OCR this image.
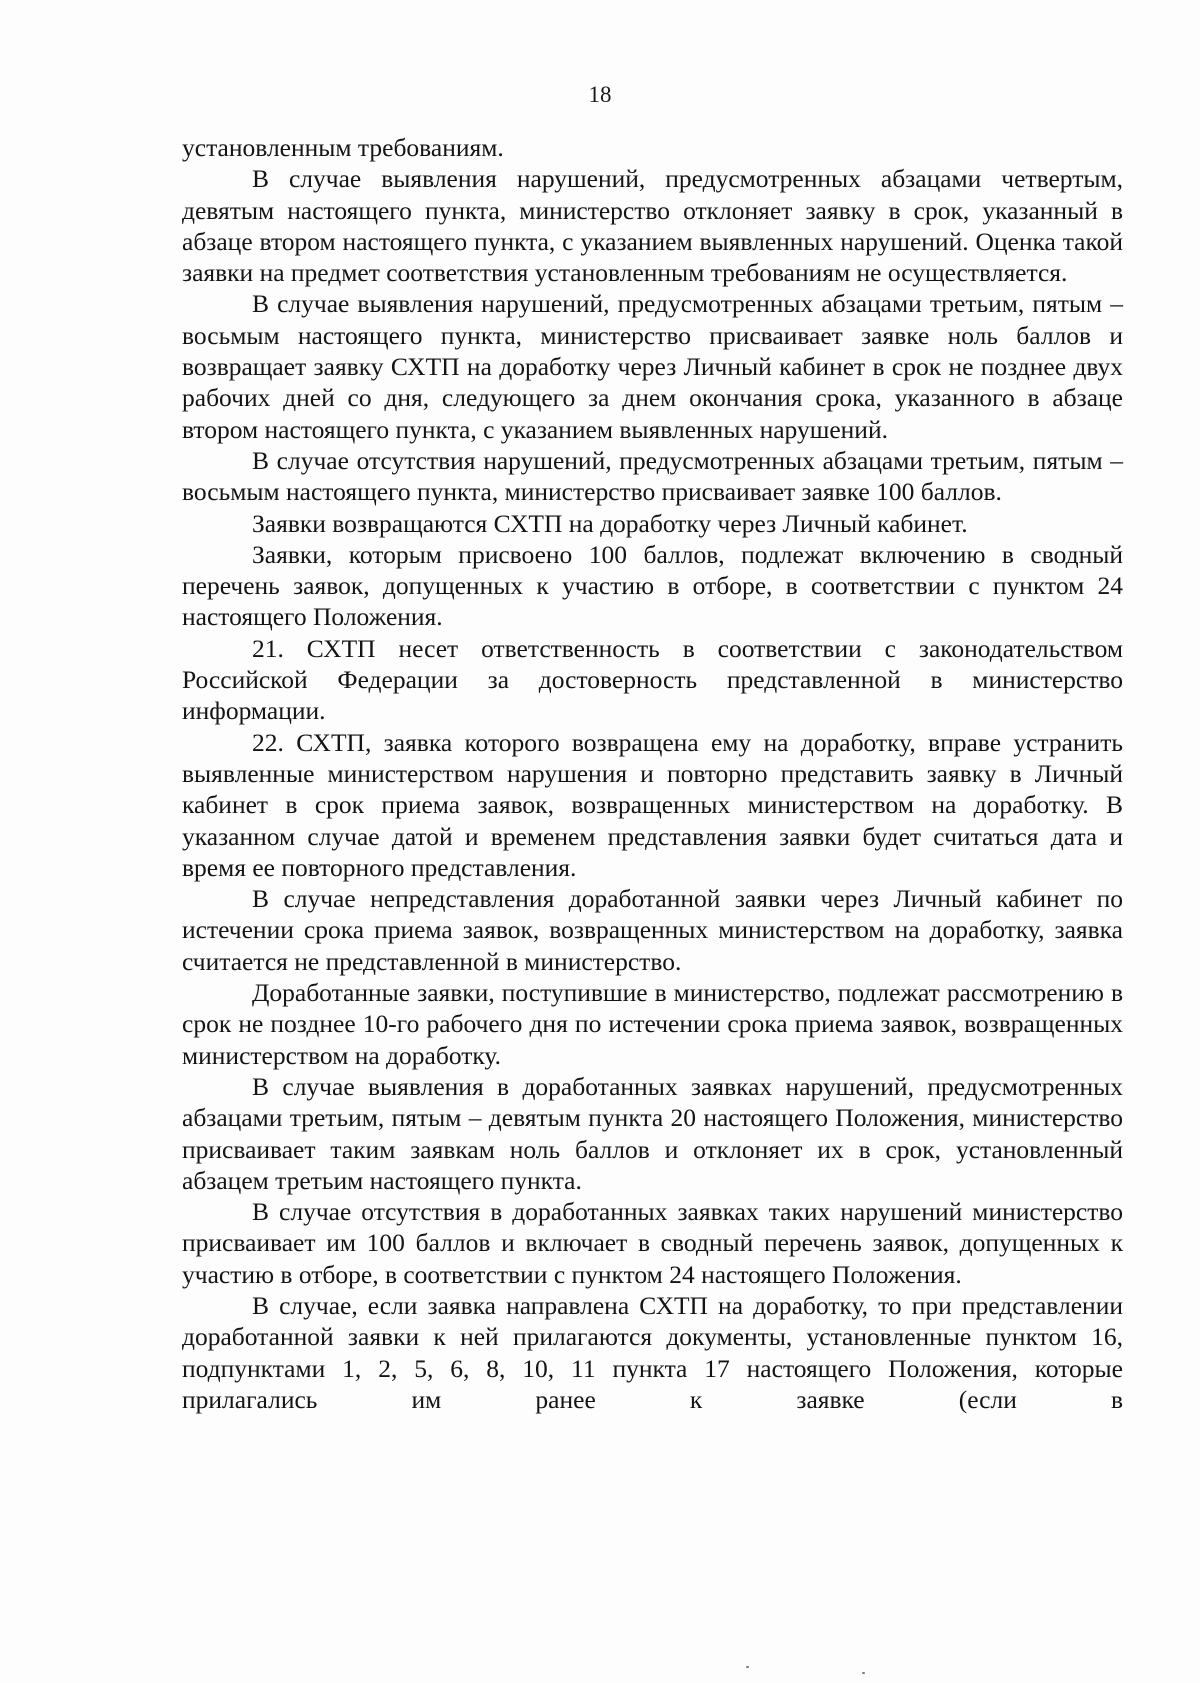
18

установленным требованиям.

В случае выявления нарушений, предусмотренных абзацами четвертым, девятым настоящего пункта, министерство отклоняет заявку в срок, указанный в абзаце втором настоящего пункта, с указанием выявленных нарушений. Оценка такой заявки на предмет соответствия установленным требованиям не осуществляется.

В случае выявления нарушений, предусмотренных абзацами третьим, пятым – восьмым настоящего пункта, министерство присваивает заявке ноль баллов и возвращает заявку СХТП на доработку через Личный кабинет в срок не позднее двух рабочих дней со дня, следующего за днем окончания срока, указанного в абзаце втором настоящего пункта, с указанием выявленных нарушений.

В случае отсутствия нарушений, предусмотренных абзацами третьим, пятым – восьмым настоящего пункта, министерство присваивает заявке 100 баллов.

Заявки возвращаются СХТП на доработку через Личный кабинет.

Заявки, которым присвоено 100 баллов, подлежат включению в сводный перечень заявок, допущенных к участию в отборе, в соответствии с пунктом 24 настоящего Положения.

21. СХТП несет ответственность в соответствии с законодательством Российской Федерации за достоверность представленной в министерство информации.

22. СХТП, заявка которого возвращена ему на доработку, вправе устранить выявленные министерством нарушения и повторно представить заявку в Личный кабинет в срок приема заявок, возвращенных министерством на доработку. В указанном случае датой и временем представления заявки будет считаться дата и время ее повторного представления.

В случае непредставления доработанной заявки через Личный кабинет по истечении срока приема заявок, возвращенных министерством на доработку, заявка считается не представленной в министерство.

Доработанные заявки, поступившие в министерство, подлежат рассмотрению в срок не позднее 10-го рабочего дня по истечении срока приема заявок, возвращенных министерством на доработку.

В случае выявления в доработанных заявках нарушений, предусмотренных абзацами третьим, пятым – девятым пункта 20 настоящего Положения, министерство присваивает таким заявкам ноль баллов и отклоняет их в срок, установленный абзацем третьим настоящего пункта.

В случае отсутствия в доработанных заявках таких нарушений министерство присваивает им 100 баллов и включает в сводный перечень заявок, допущенных к участию в отборе, в соответствии с пунктом 24 настоящего Положения.

В случае, если заявка направлена СХТП на доработку, то при представлении доработанной заявки к ней прилагаются документы, установленные пунктом 16, подпунктами 1, 2, 5, 6, 8, 10, 11 пункта 17 настоящего Положения, которые прилагались им ранее к заявке (если в
